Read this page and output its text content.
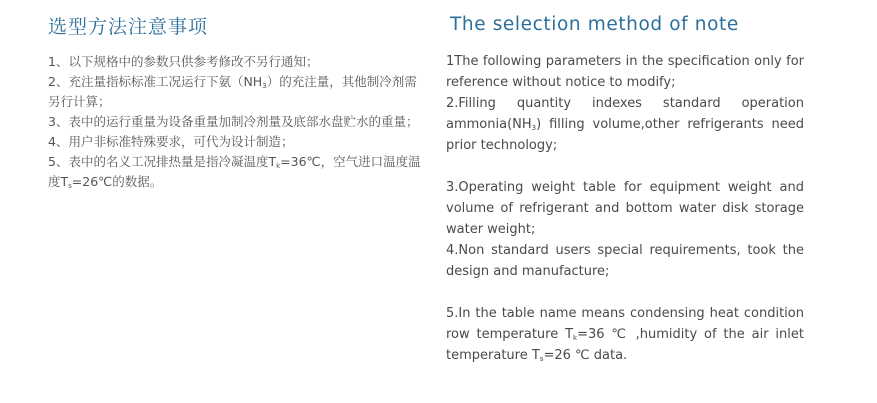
选型方法注意事项	The selection method of note

1、以下规格中的参数只供参考修改不另行通知；

2、充注量指标标准工况运行下氨$(NH_3)$的充注量，其他制冷剂需另行计算；

3、表中的运行重量为设备重量加制冷剂量及底部水盘贮水的重量；

4、用户非标准特殊要求，可代为设计制造；

5、表中的名义工况排热量是指冷凝温度$T_k=36℃$，空气进口温度温度$T_s=26℃$的数据。

1The following parameters in the specification only for reference without notice to modify;

2.Filling quantity indexes standard operation $ammonia(NH_3)$ filling volume,other refrigerants need prior technology;

3.Operating weight table for equipment weight and volume of refrigerant and bottom water disk storage water weight;

4.Non standard users special requirements, took the design and manufacture;

5.In the table name means condensing heat condition row temperature $T_k=36$ ℃ ,humidity of the air inlet temperature $T_s=26$ ℃ data.
